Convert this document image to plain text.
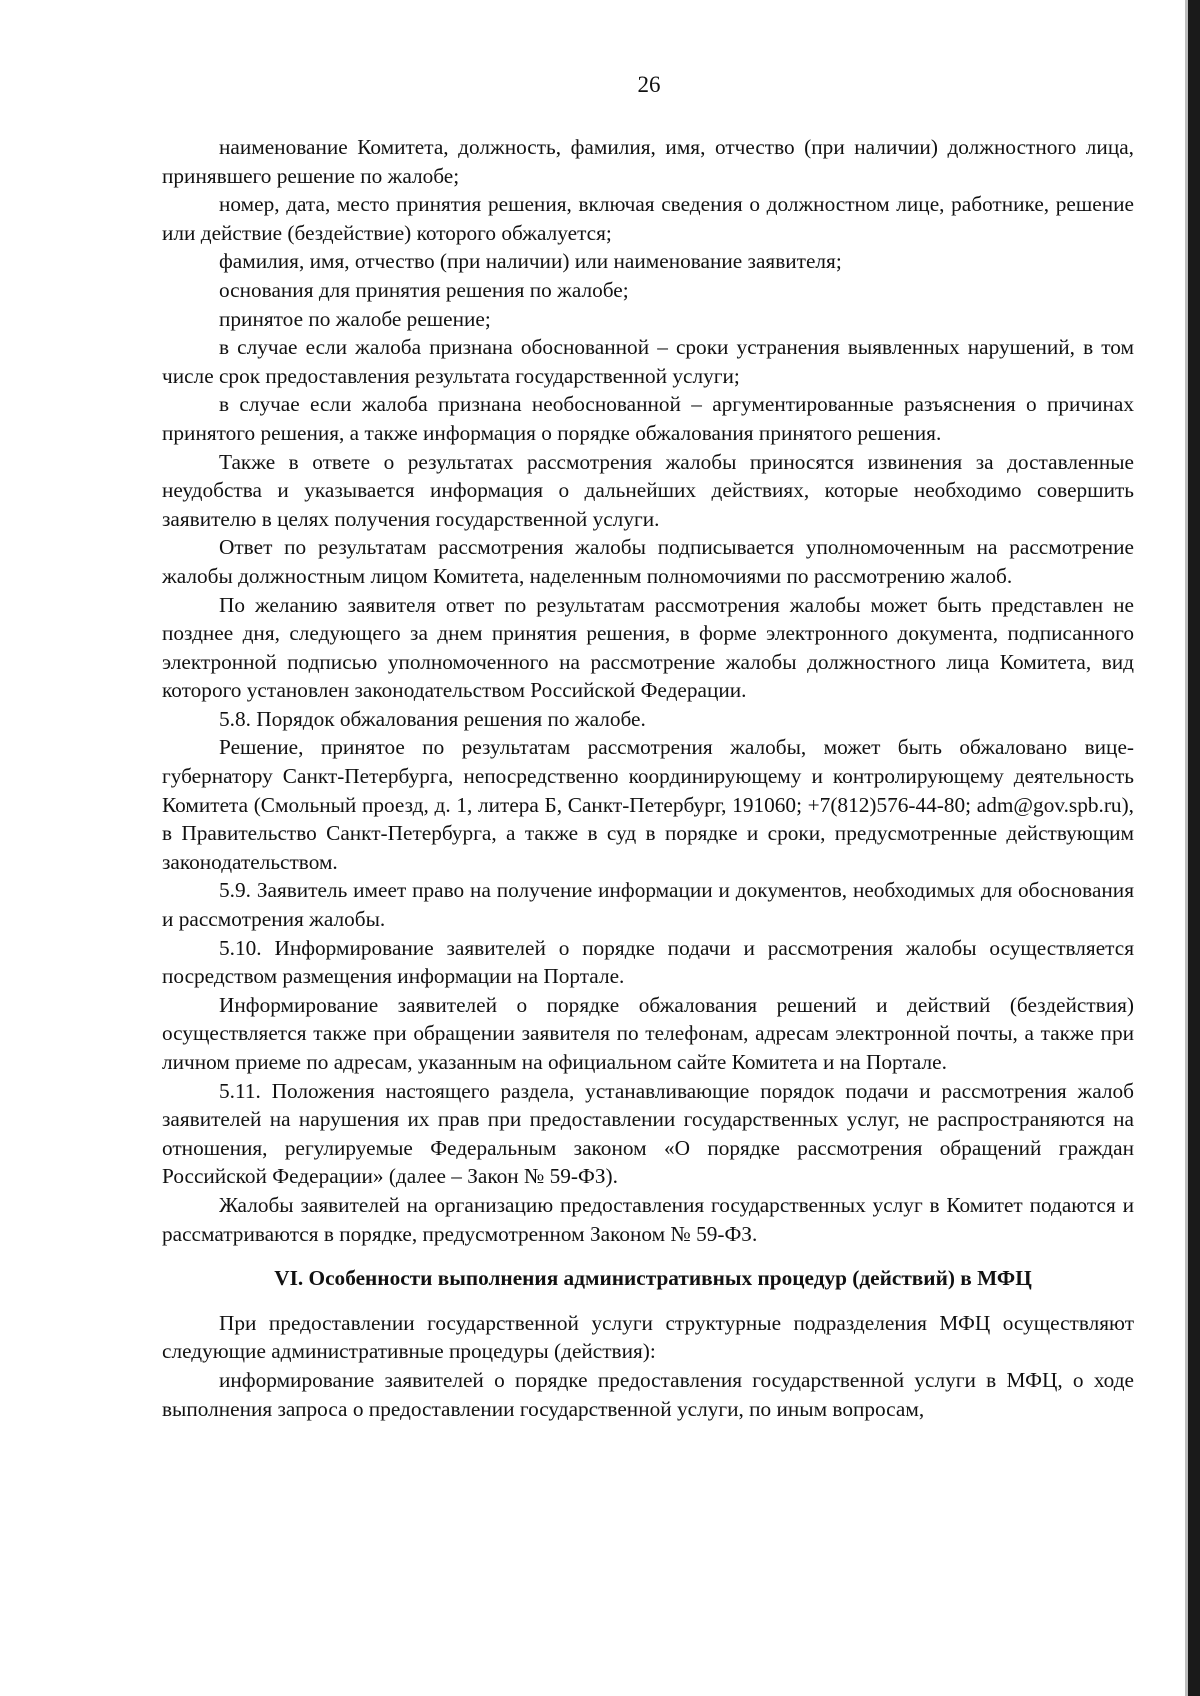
26

наименование Комитета, должность, фамилия, имя, отчество (при наличии) должностного лица, принявшего решение по жалобе;

номер, дата, место принятия решения, включая сведения о должностном лице, работнике, решение или действие (бездействие) которого обжалуется;

фамилия, имя, отчество (при наличии) или наименование заявителя;

основания для принятия решения по жалобе;

принятое по жалобе решение;

в случае если жалоба признана обоснованной – сроки устранения выявленных нарушений, в том числе срок предоставления результата государственной услуги;

в случае если жалоба признана необоснованной – аргументированные разъяснения о причинах принятого решения, а также информация о порядке обжалования принятого решения.

Также в ответе о результатах рассмотрения жалобы приносятся извинения за доставленные неудобства и указывается информация о дальнейших действиях, которые необходимо совершить заявителю в целях получения государственной услуги.

Ответ по результатам рассмотрения жалобы подписывается уполномоченным на рассмотрение жалобы должностным лицом Комитета, наделенным полномочиями по рассмотрению жалоб.

По желанию заявителя ответ по результатам рассмотрения жалобы может быть представлен не позднее дня, следующего за днем принятия решения, в форме электронного документа, подписанного электронной подписью уполномоченного на рассмотрение жалобы должностного лица Комитета, вид которого установлен законодательством Российской Федерации.

5.8. Порядок обжалования решения по жалобе.

Решение, принятое по результатам рассмотрения жалобы, может быть обжаловано вице-губернатору Санкт-Петербурга, непосредственно координирующему и контролирующему деятельность Комитета (Смольный проезд, д. 1, литера Б, Санкт-Петербург, 191060; +7(812)576-44-80; adm@gov.spb.ru), в Правительство Санкт-Петербурга, а также в суд в порядке и сроки, предусмотренные действующим законодательством.

5.9. Заявитель имеет право на получение информации и документов, необходимых для обоснования и рассмотрения жалобы.

5.10. Информирование заявителей о порядке подачи и рассмотрения жалобы осуществляется посредством размещения информации на Портале.

Информирование заявителей о порядке обжалования решений и действий (бездействия) осуществляется также при обращении заявителя по телефонам, адресам электронной почты, а также при личном приеме по адресам, указанным на официальном сайте Комитета и на Портале.

5.11. Положения настоящего раздела, устанавливающие порядок подачи и рассмотрения жалоб заявителей на нарушения их прав при предоставлении государственных услуг, не распространяются на отношения, регулируемые Федеральным законом «О порядке рассмотрения обращений граждан Российской Федерации» (далее – Закон № 59-ФЗ).

Жалобы заявителей на организацию предоставления государственных услуг в Комитет подаются и рассматриваются в порядке, предусмотренном Законом № 59-ФЗ.

VI. Особенности выполнения административных процедур (действий) в МФЦ

При предоставлении государственной услуги структурные подразделения МФЦ осуществляют следующие административные процедуры (действия):

информирование заявителей о порядке предоставления государственной услуги в МФЦ, о ходе выполнения запроса о предоставлении государственной услуги, по иным вопросам,
